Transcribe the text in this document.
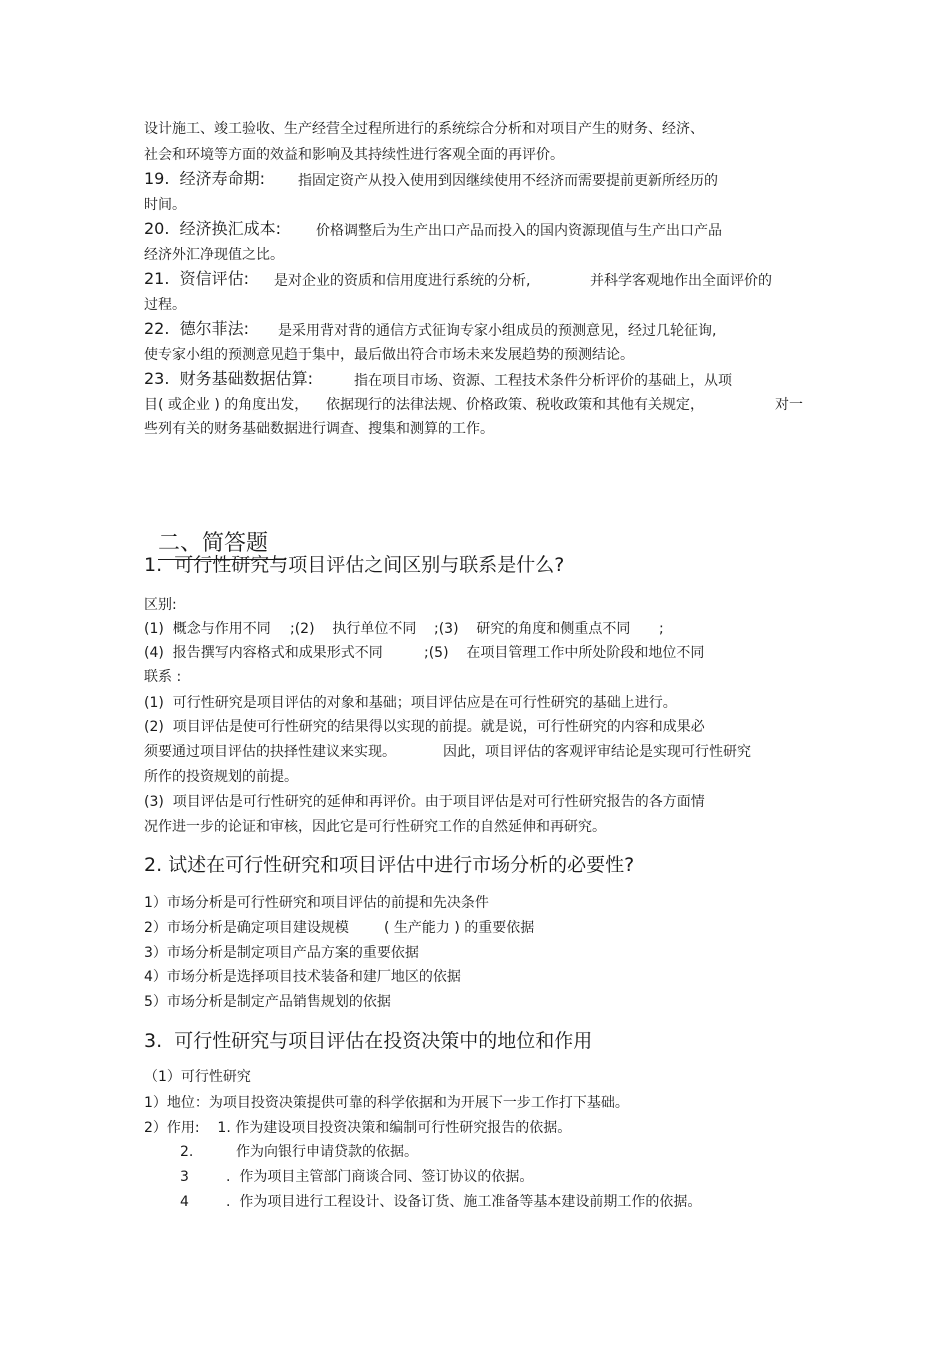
设计施工、竣工验收、生产经营全过程所进行的系统综合分析和对项目产生的财务、经济、
社会和环境等方面的效益和影响及其持续性进行客观全面的再评价。
19.  经济寿命期: 指固定资产从投入使用到因继续使用不经济而需要提前更新所经历的
时间。
20.  经济换汇成本: 价格调整后为生产出口产品而投入的国内资源现值与生产出口产品
经济外汇净现值之比。
21.  资信评估: 是对企业的资质和信用度进行系统的分析,	并科学客观地作出全面评价的
过程。
22.  德尔菲法: 是采用背对背的通信方式征询专家小组成员的预测意见，经过几轮征询,
使专家小组的预测意见趋于集中，最后做出符合市场未来发展趋势的预测结论。
23.  财务基础数据估算:	指在项目市场、资源、工程技术条件分析评价的基础上，从项
目( 或企业 ) 的角度出发， 依据现行的法律法规、价格政策、税收政策和其他有关规定，	对一
些列有关的财务基础数据进行调查、搜集和测算的工作。

二、简答题

1.  可行性研究与项目评估之间区别与联系是什么?
区别:
(1)  概念与作用不同 ;(2)    执行单位不同 ;(3)    研究的角度和侧重点不同 ;
(4)  报告撰写内容格式和成果形式不同	;(5)    在项目管理工作中所处阶段和地位不同
联系 :
(1)  可行性研究是项目评估的对象和基础；项目评估应是在可行性研究的基础上进行。
(2)  项目评估是使可行性研究的结果得以实现的前提。就是说，可行性研究的内容和成果必
须要通过项目评估的抉择性建议来实现。	因此，项目评估的客观评审结论是实现可行性研究
所作的投资规划的前提。
(3)  项目评估是可行性研究的延伸和再评价。由于项目评估是对可行性研究报告的各方面情
况作进一步的论证和审核，因此它是可行性研究工作的自然延伸和再研究。
2. 试述在可行性研究和项目评估中进行市场分析的必要性?
1）市场分析是可行性研究和项目评估的前提和先决条件
2）市场分析是确定项目建设规模	( 生产能力 ) 的重要依据
3）市场分析是制定项目产品方案的重要依据
4）市场分析是选择项目技术装备和建厂地区的依据
5）市场分析是制定产品销售规划的依据
3.  可行性研究与项目评估在投资决策中的地位和作用
（1）可行性研究
1）地位：为项目投资决策提供可靠的科学依据和为开展下一步工作打下基础。
2）作用:    1. 作为建设项目投资决策和编制可行性研究报告的依据。
2.	作为向银行申请贷款的依据。
3	.  作为项目主管部门商谈合同、签订协议的依据。
4	.  作为项目进行工程设计、设备订货、施工准备等基本建设前期工作的依据。
